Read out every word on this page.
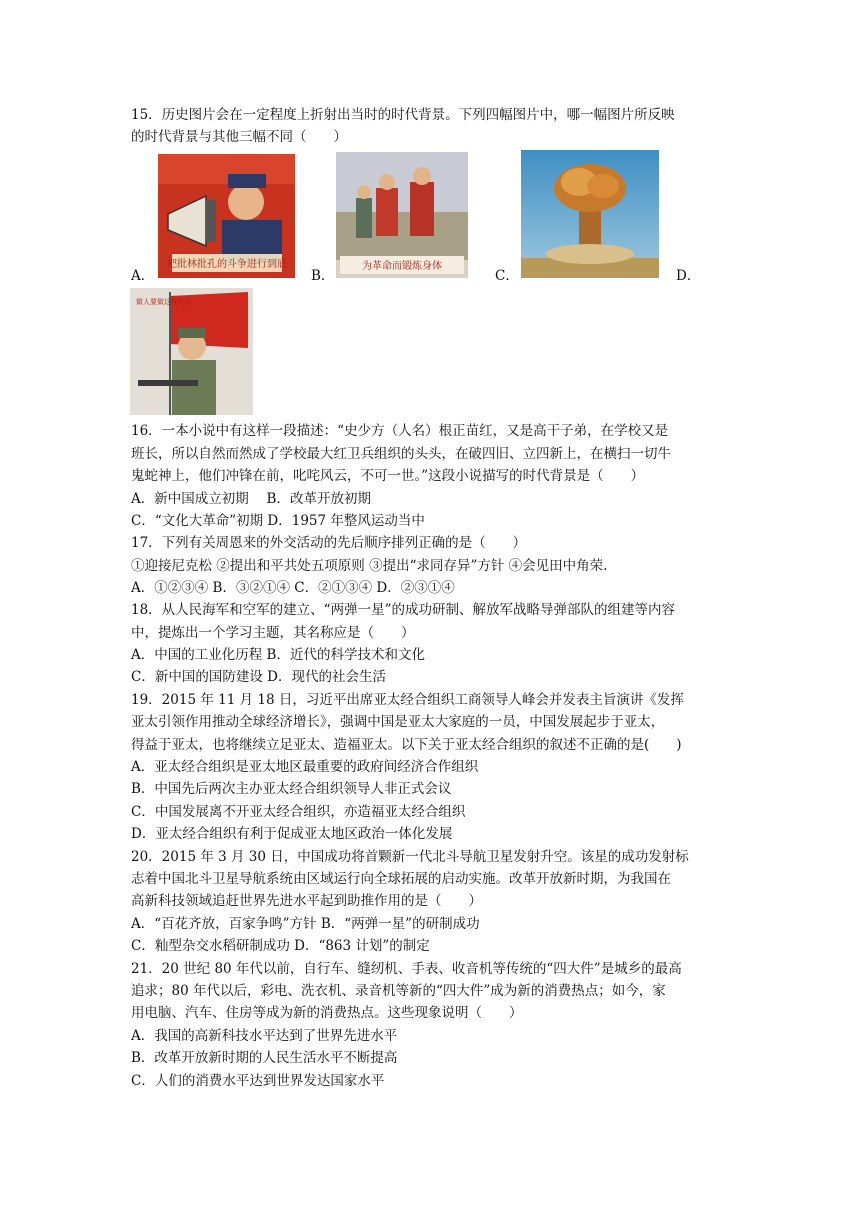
15．历史图片会在一定程度上折射出当时的时代背景。下列四幅图片中，哪一幅图片所反映
的时代背景与其他三幅不同（　　）
A．
把批林批孔的斗争进行到底
B．
为革命而锻炼身体
C．	D．
做人要做这样的人
16．一本小说中有这样一段描述：“史少方（人名）根正苗红，又是高干子弟，在学校又是
班长，所以自然而然成了学校最大红卫兵组织的头头，在破四旧、立四新上，在横扫一切牛
鬼蛇神上，他们冲锋在前，叱咤风云，不可一世。”这段小说描写的时代背景是（　　）
A．新中国成立初期　 B．改革开放初期
C．“文化大革命”初期 D．1957 年整风运动当中
17．下列有关周恩来的外交活动的先后顺序排列正确的是（　　）
①迎接尼克松 ②提出和平共处五项原则 ③提出“求同存异”方针 ④会见田中角荣.
A．①②③④ B．③②①④ C．②①③④ D．②③①④
18．从人民海军和空军的建立、“两弹一星”的成功研制、解放军战略导弹部队的组建等内容
中，提炼出一个学习主题，其名称应是（　　）
A．中国的工业化历程 B．近代的科学技术和文化
C．新中国的国防建设 D．现代的社会生活
19．2015 年 11 月 18 日，习近平出席亚太经合组织工商领导人峰会并发表主旨演讲《发挥
亚太引领作用推动全球经济增长》，强调中国是亚太大家庭的一员，中国发展起步于亚太，
得益于亚太，也将继续立足亚太、造福亚太。以下关于亚太经合组织的叙述不正确的是(　　)
A．亚太经合组织是亚太地区最重要的政府间经济合作组织
B．中国先后两次主办亚太经合组织领导人非正式会议
C．中国发展离不开亚太经合组织，亦造福亚太经合组织
D．亚太经合组织有利于促成亚太地区政治一体化发展
20．2015 年 3 月 30 日，中国成功将首颗新一代北斗导航卫星发射升空。该星的成功发射标
志着中国北斗卫星导航系统由区域运行向全球拓展的启动实施。改革开放新时期，为我国在
高新科技领域追赶世界先进水平起到助推作用的是（　　）
A．“百花齐放，百家争鸣”方针 B．“两弹一星”的研制成功
C．籼型杂交水稻研制成功 D．“863 计划”的制定
21．20 世纪 80 年代以前，自行车、缝纫机、手表、收音机等传统的“四大件”是城乡的最高
追求；80 年代以后，彩电、洗衣机、录音机等新的“四大件”成为新的消费热点；如今，家
用电脑、汽车、住房等成为新的消费热点。这些现象说明（　　）
A．我国的高新科技水平达到了世界先进水平
B．改革开放新时期的人民生活水平不断提高
C．人们的消费水平达到世界发达国家水平
